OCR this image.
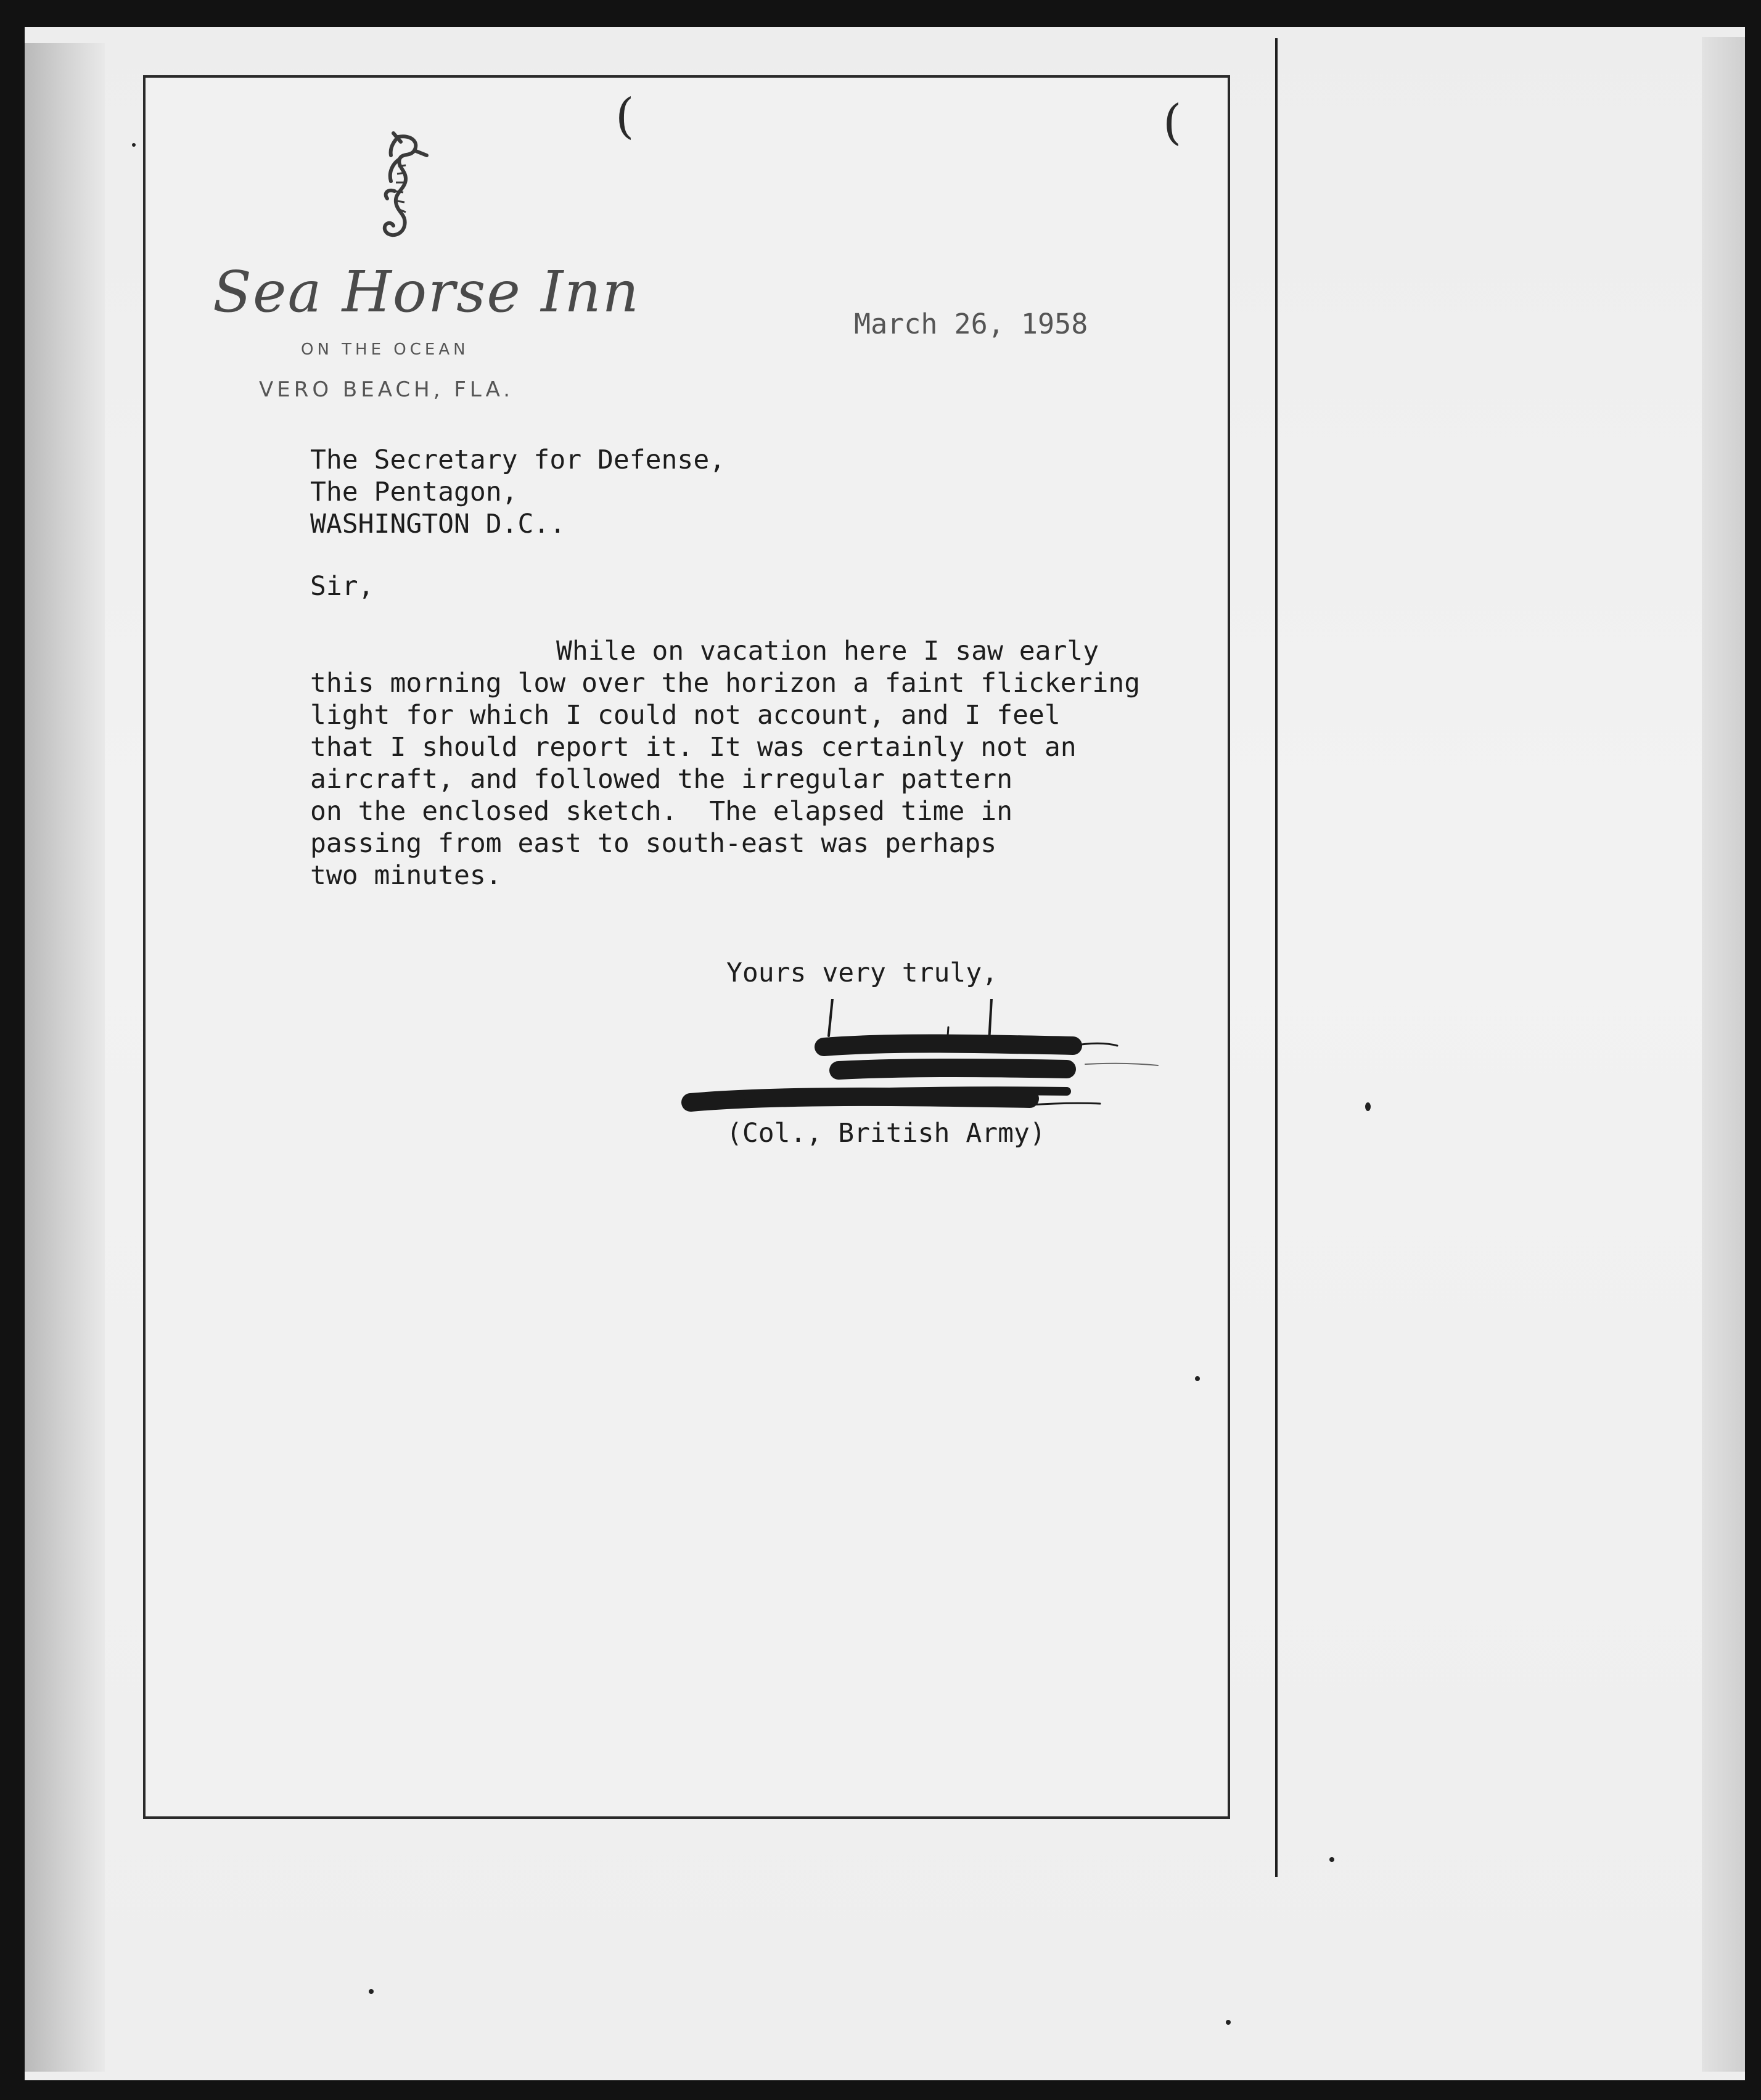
(	(
Sea Horse Inn
ON THE OCEAN
VERO BEACH, FLA.
March 26, 1958
The Secretary for Defense,
The Pentagon,
WASHINGTON D.C..
Sir,
While on vacation here I saw early
this morning low over the horizon a faint flickering
light for which I could not account, and I feel
that I should report it. It was certainly not an
aircraft, and followed the irregular pattern
on the enclosed sketch.  The elapsed time in
passing from east to south-east was perhaps
two minutes.
Yours very truly,
(Col., British Army)
